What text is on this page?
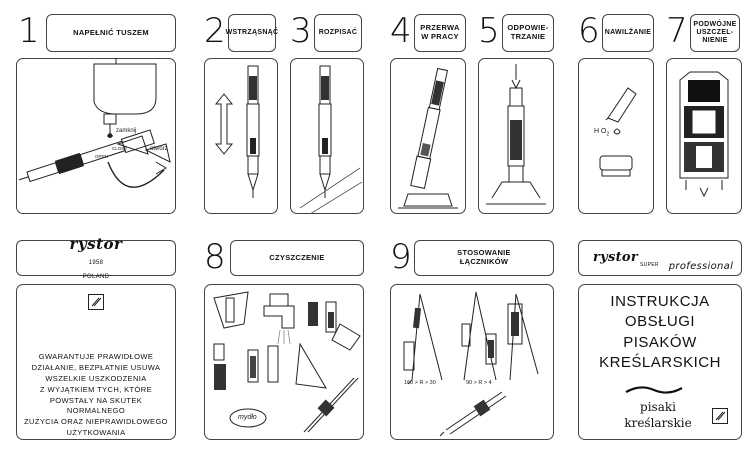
1	NAPEŁNIĆ TUSZEM	2 WSTRZĄSNĄĆ 3	ROZPISAĆ 4	PRZERWA
W PRACY 5	ODPOWIE-
TRZANIE 6 NAWILŻANIE 7 PODWÓJNE
USZCZEL-
NIENIE
zamknij
otwórz
CLOSE
OPEN
H $O_2$
rystor

1958

POLAND

GWARANTUJE PRAWIDŁOWE
DZIAŁANIE, BEZPŁATNIE USUWA
WSZELKIE USZKODZENIA
Z WYJĄTKIEM TYCH, KTÓRE
POWSTAŁY NA SKUTEK NORMALNEGO
ZUŻYCIA ORAZ NIEPRAWIDŁOWEGO
UŻYTKOWANIA
8	CZYSZCZENIE
mydło
9	STOSOWANIE
ŁĄCZNIKÓW
160 > R > 30	90 > R > 4
rystor
SUPER professional
INSTRUKCJA
OBSŁUGI
PISAKÓW
KREŚLARSKICH
pisaki
kreślarskie
